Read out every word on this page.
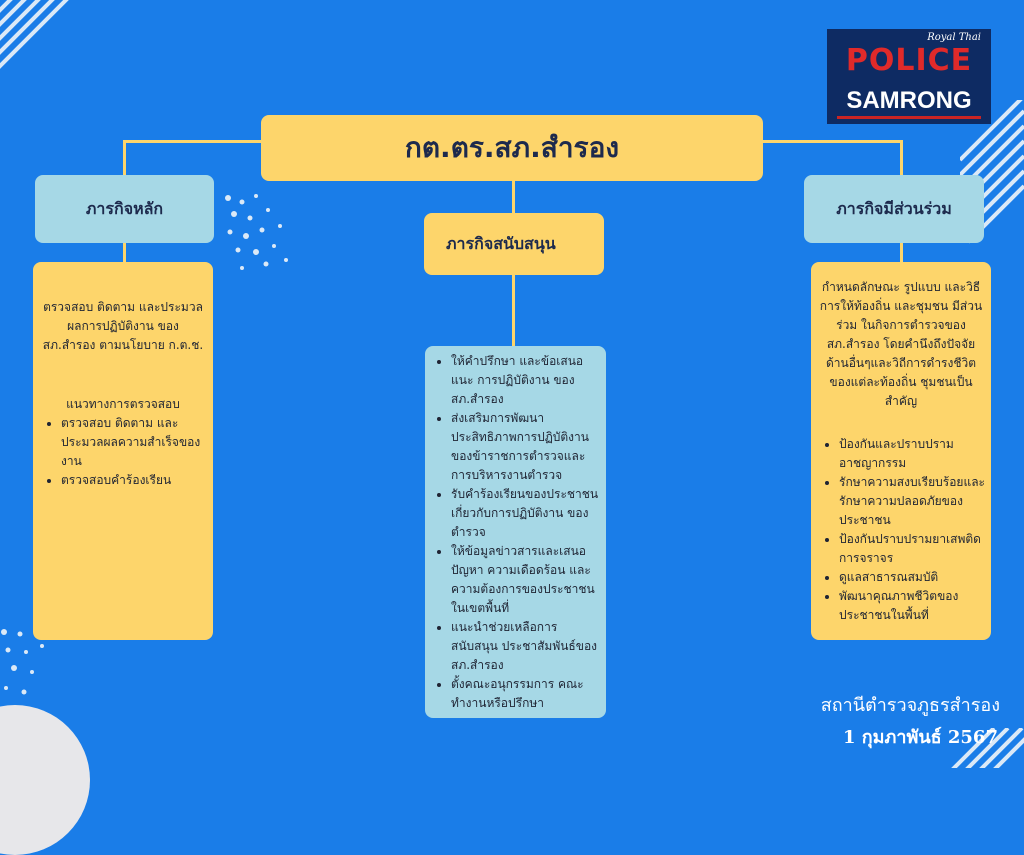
กต.ตร.สภ.สำรอง
Royal Thai
POLICE
SAMRONG
ภารกิจหลัก
ตรวจสอบ ติดตาม และประมวลผลการปฏิบัติงาน ของ สภ.สำรอง ตามนโยบาย ก.ต.ช.
แนวทางการตรวจสอบ
• ตรวจสอบ ติดตาม และประมวลผลความสำเร็จของงาน
• ตรวจสอบคำร้องเรียน
ภารกิจสนับสนุน
• ให้คำปรึกษา และข้อเสนอแนะ การปฏิบัติงาน ของ สภ.สำรอง
• ส่งเสริมการพัฒนาประสิทธิภาพการปฏิบัติงาน ของข้าราชการตำรวจและการบริหารงานตำรวจ
• รับคำร้องเรียนของประชาชนเกี่ยวกับการปฏิบัติงาน ของตำรวจ
• ให้ข้อมูลข่าวสารและเสนอปัญหา ความเดือดร้อน และความต้องการของประชาชนในเขตพื้นที่
• แนะนำช่วยเหลือการสนับสนุน ประชาสัมพันธ์ของ สภ.สำรอง
• ตั้งคณะอนุกรรมการ คณะทำงานหรือปรึกษา
ภารกิจมีส่วนร่วม
กำหนดลักษณะ รูปแบบ และวิธีการให้ท้องถิ่น และชุมชน มีส่วนร่วม ในกิจการตำรวจของ สภ.สำรอง โดยคำนึงถึงปัจจัยด้านอื่นๆและวิถีการดำรงชีวิตของแต่ละท้องถิ่น ชุมชนเป็นสำคัญ
• ป้องกันและปราบปรามอาชญากรรม
• รักษาความสงบเรียบร้อยและรักษาความปลอดภัยของประชาชน
• ป้องกันปราบปรามยาเสพติดการจราจร
• ดูแลสาธารณสมบัติ
• พัฒนาคุณภาพชีวิตของประชาชนในพื้นที่
สถานีตำรวจภูธรสำรอง
1 กุมภาพันธ์ 2567
